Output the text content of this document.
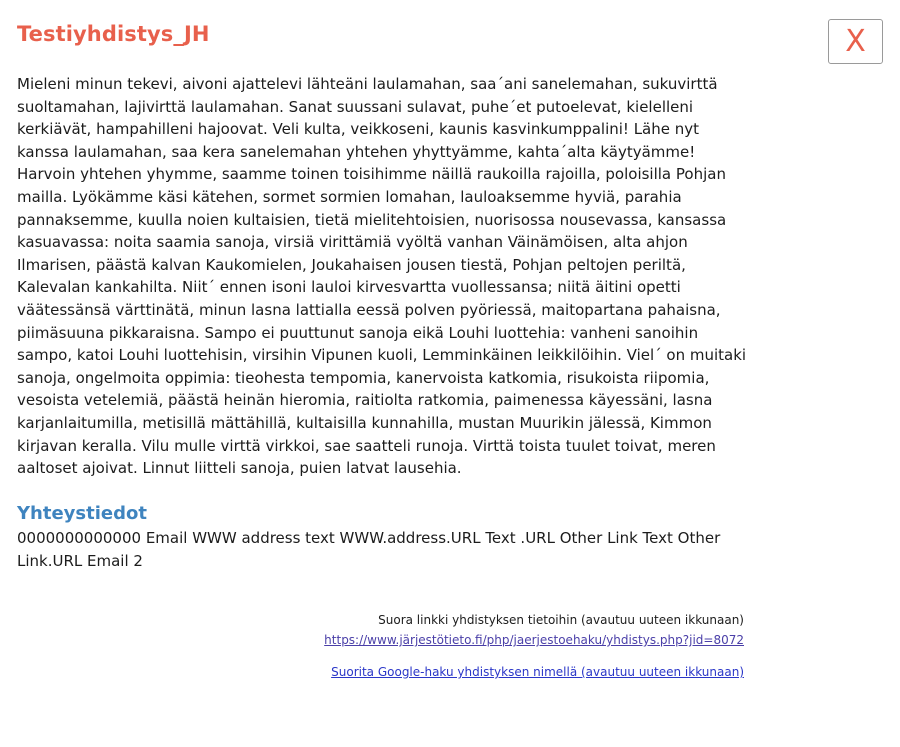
Testiyhdistys_JH	X

Mieleni minun tekevi, aivoni ajattelevi lähteäni laulamahan, saa´ani sanelemahan, sukuvirttä suoltamahan, lajivirttä laulamahan. Sanat suussani sulavat, puhe´et putoelevat, kielelleni kerkiävät, hampahilleni hajoovat. Veli kulta, veikkoseni, kaunis kasvinkumppalini! Lähe nyt kanssa laulamahan, saa kera sanelemahan yhtehen yhyttyämme, kahta´alta käytyämme! Harvoin yhtehen yhymme, saamme toinen toisihimme näillä raukoilla rajoilla, poloisilla Pohjan mailla. Lyökämme käsi kätehen, sormet sormien lomahan, lauloaksemme hyviä, parahia pannaksemme, kuulla noien kultaisien, tietä mielitehtoisien, nuorisossa nousevassa, kansassa kasuavassa: noita saamia sanoja, virsiä virittämiä vyöltä vanhan Väinämöisen, alta ahjon Ilmarisen, päästä kalvan Kaukomielen, Joukahaisen jousen tiestä, Pohjan peltojen periltä, Kalevalan kankahilta. Niit´ ennen isoni lauloi kirvesvartta vuollessansa; niitä äitini opetti väätessänsä värttinätä, minun lasna lattialla eessä polven pyöriessä, maitopartana pahaisna, piimäsuuna pikkaraisna. Sampo ei puuttunut sanoja eikä Louhi luottehia: vanheni sanoihin sampo, katoi Louhi luottehisin, virsihin Vipunen kuoli, Lemminkäinen leikkilöihin. Viel´ on muitaki sanoja, ongelmoita oppimia: tieohesta tempomia, kanervoista katkomia, risukoista riipomia, vesoista vetelemiä, päästä heinän hieromia, raitiolta ratkomia, paimenessa käyessäni, lasna karjanlaitumilla, metisillä mättähillä, kultaisilla kunnahilla, mustan Muurikin jälessä, Kimmon kirjavan keralla. Vilu mulle virttä virkkoi, sae saatteli runoja. Virttä toista tuulet toivat, meren aaltoset ajoivat. Linnut liitteli sanoja, puien latvat lausehia.

Yhteystiedot

0000000000000 Email WWW address text WWW.address.URL Text .URL Other Link Text Other Link.URL Email 2

Suora linkki yhdistyksen tietoihin (avautuu uuteen ikkunaan)
https://www.järjestötieto.fi/php/jaerjestoehaku/yhdistys.php?jid=8072
Suorita Google-haku yhdistyksen nimellä (avautuu uuteen ikkunaan)
